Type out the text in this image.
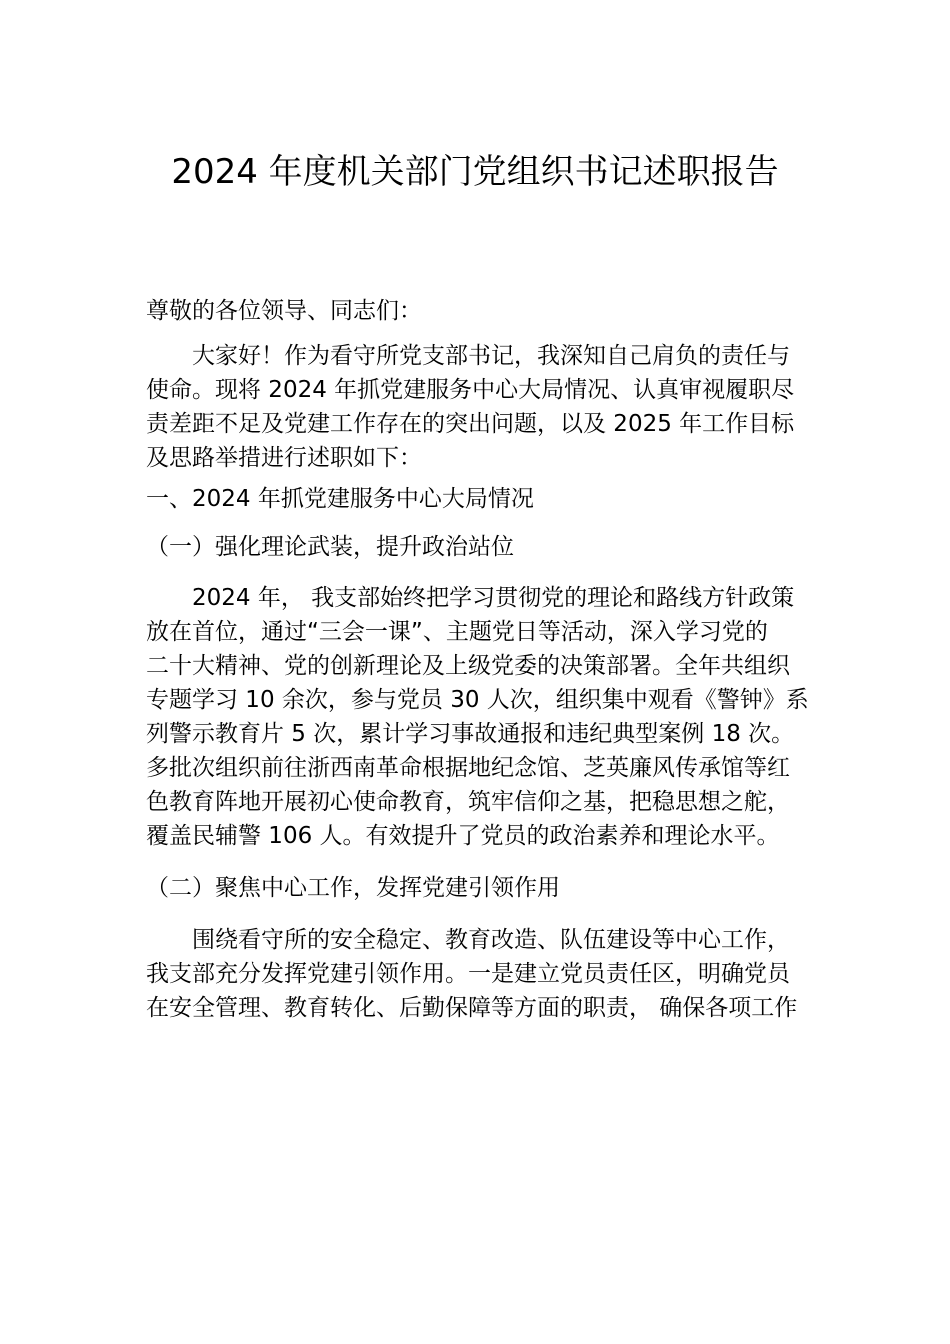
2024 年度机关部门党组织书记述职报告
尊敬的各位领导、同志们：
大家好！作为看守所党支部书记，我深知自己肩负的责任与
使命。现将 2024 年抓党建服务中心大局情况、认真审视履职尽
责差距不足及党建工作存在的突出问题，以及 2025 年工作目标
及思路举措进行述职如下：
一、2024 年抓党建服务中心大局情况
（一）强化理论武装，提升政治站位
2024 年， 我支部始终把学习贯彻党的理论和路线方针政策
放在首位，通过“三会一课”、主题党日等活动，深入学习党的
二十大精神、党的创新理论及上级党委的决策部署。全年共组织
专题学习 10 余次，参与党员 30 人次，组织集中观看《警钟》系
列警示教育片 5 次，累计学习事故通报和违纪典型案例 18 次。
多批次组织前往浙西南革命根据地纪念馆、芝英廉风传承馆等红
色教育阵地开展初心使命教育，筑牢信仰之基，把稳思想之舵，
覆盖民辅警 106 人。有效提升了党员的政治素养和理论水平。
（二）聚焦中心工作，发挥党建引领作用
围绕看守所的安全稳定、教育改造、队伍建设等中心工作，
我支部充分发挥党建引领作用。一是建立党员责任区，明确党员
在安全管理、教育转化、后勤保障等方面的职责， 确保各项工作
